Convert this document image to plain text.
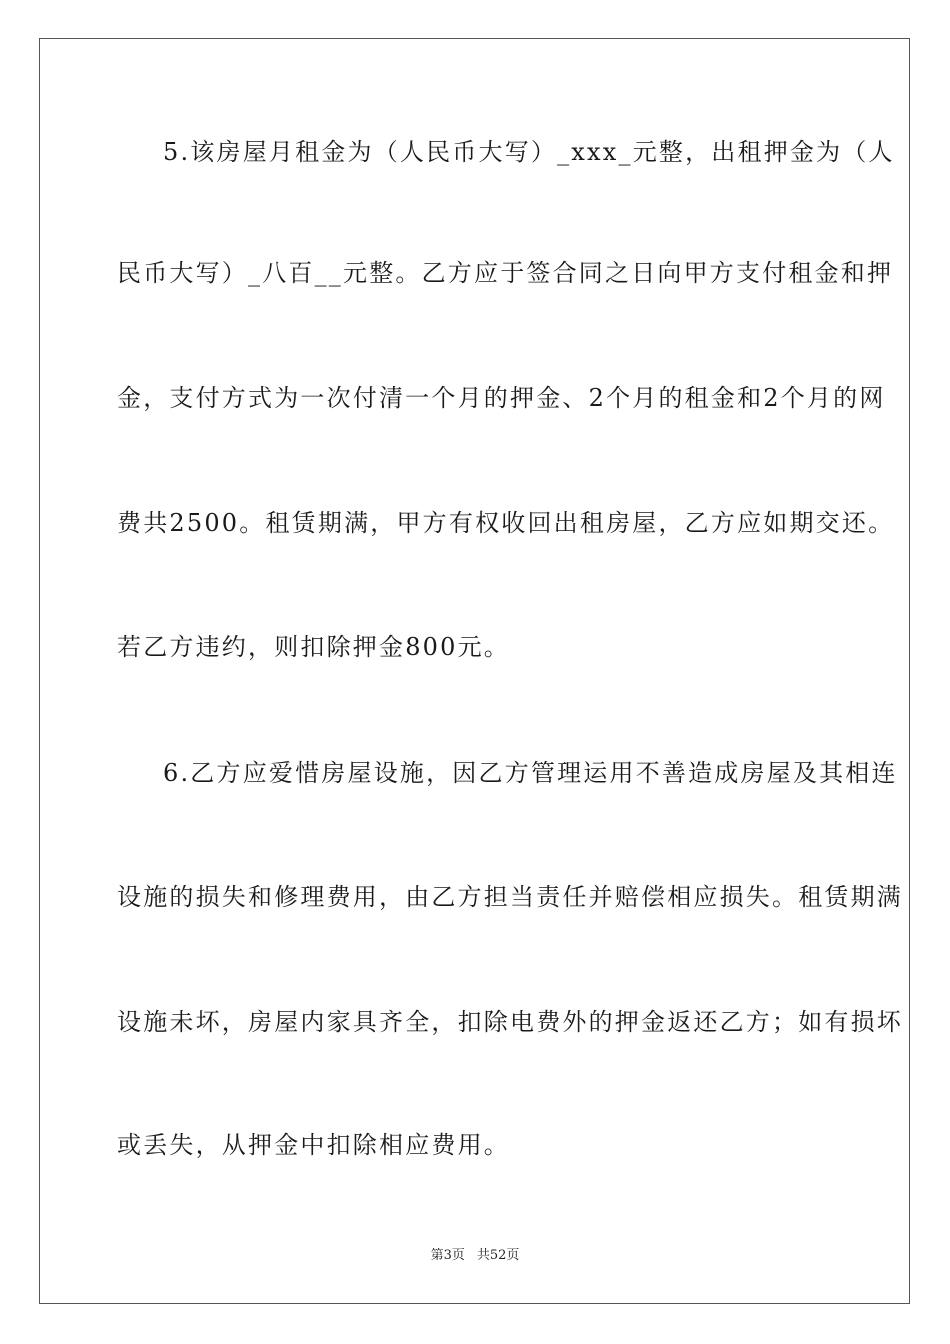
5.该房屋月租金为（人民币大写）_xxx_元整，出租押金为（人
民币大写）_八百__元整。乙方应于签合同之日向甲方支付租金和押
金，支付方式为一次付清一个月的押金、2个月的租金和2个月的网
费共2500。租赁期满，甲方有权收回出租房屋，乙方应如期交还。
若乙方违约，则扣除押金800元。
6.乙方应爱惜房屋设施，因乙方管理运用不善造成房屋及其相连
设施的损失和修理费用，由乙方担当责任并赔偿相应损失。租赁期满
设施未坏，房屋内家具齐全，扣除电费外的押金返还乙方；如有损坏
或丢失，从押金中扣除相应费用。
第3页 共52页
